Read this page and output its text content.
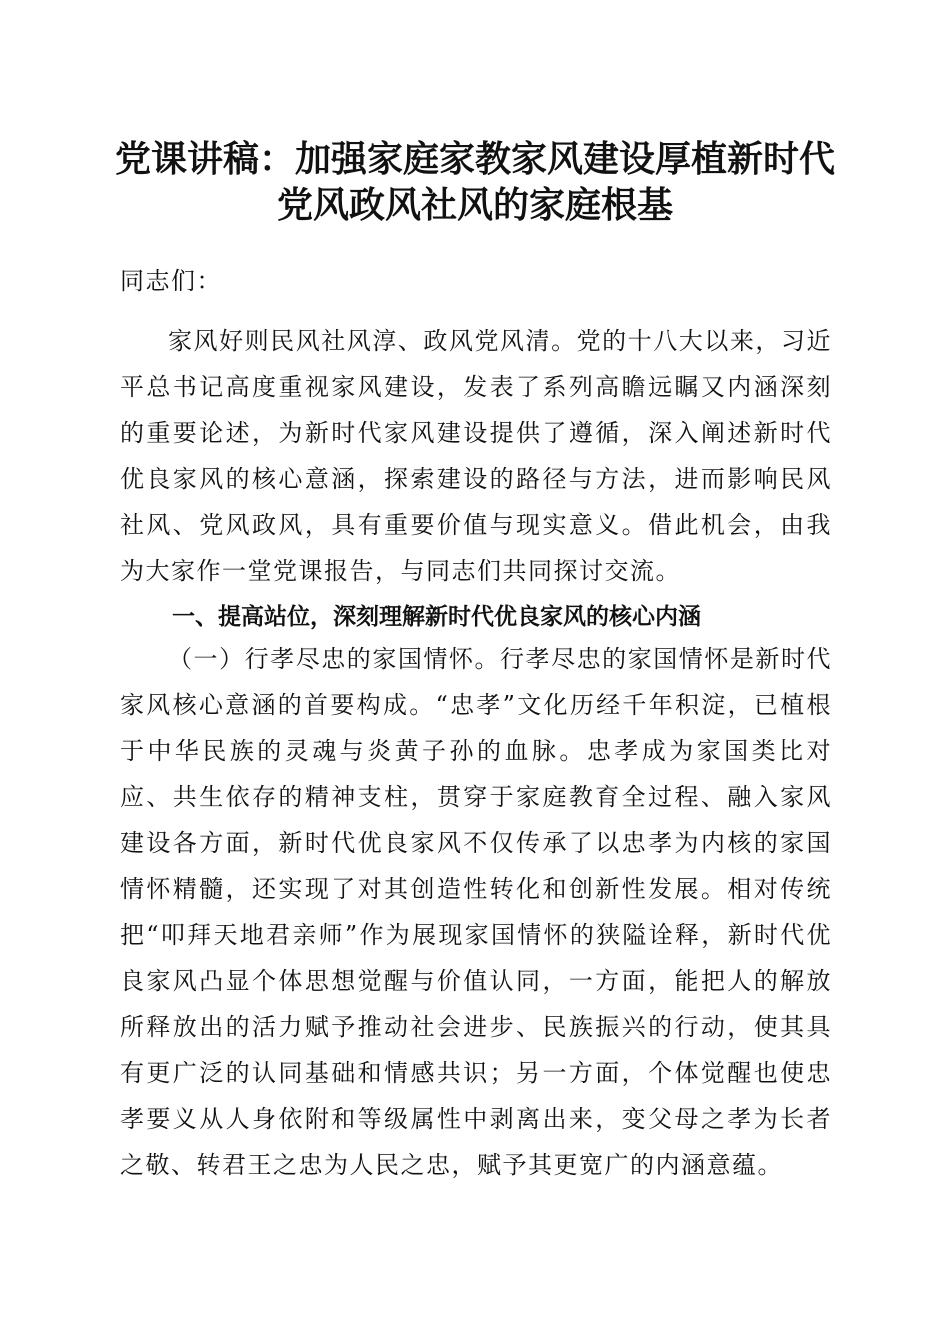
党课讲稿：加强家庭家教家风建设厚植新时代
党风政风社风的家庭根基
同志们：
家风好则民风社风淳、政风党风清。党的十八大以来，习近平总书记高度重视家风建设，发表了系列高瞻远瞩又内涵深刻的重要论述，为新时代家风建设提供了遵循，深入阐述新时代优良家风的核心意涵，探索建设的路径与方法，进而影响民风社风、党风政风，具有重要价值与现实意义。借此机会，由我为大家作一堂党课报告，与同志们共同探讨交流。
一、提高站位，深刻理解新时代优良家风的核心内涵
（一）行孝尽忠的家国情怀。行孝尽忠的家国情怀是新时代家风核心意涵的首要构成。“忠孝”文化历经千年积淀，已植根于中华民族的灵魂与炎黄子孙的血脉。忠孝成为家国类比对应、共生依存的精神支柱，贯穿于家庭教育全过程、融入家风建设各方面，新时代优良家风不仅传承了以忠孝为内核的家国情怀精髓，还实现了对其创造性转化和创新性发展。相对传统把“叩拜天地君亲师”作为展现家国情怀的狭隘诠释，新时代优良家风凸显个体思想觉醒与价值认同，一方面，能把人的解放所释放出的活力赋予推动社会进步、民族振兴的行动，使其具有更广泛的认同基础和情感共识；另一方面，个体觉醒也使忠孝要义从人身依附和等级属性中剥离出来，变父母之孝为长者之敬、转君王之忠为人民之忠，赋予其更宽广的内涵意蕴。
